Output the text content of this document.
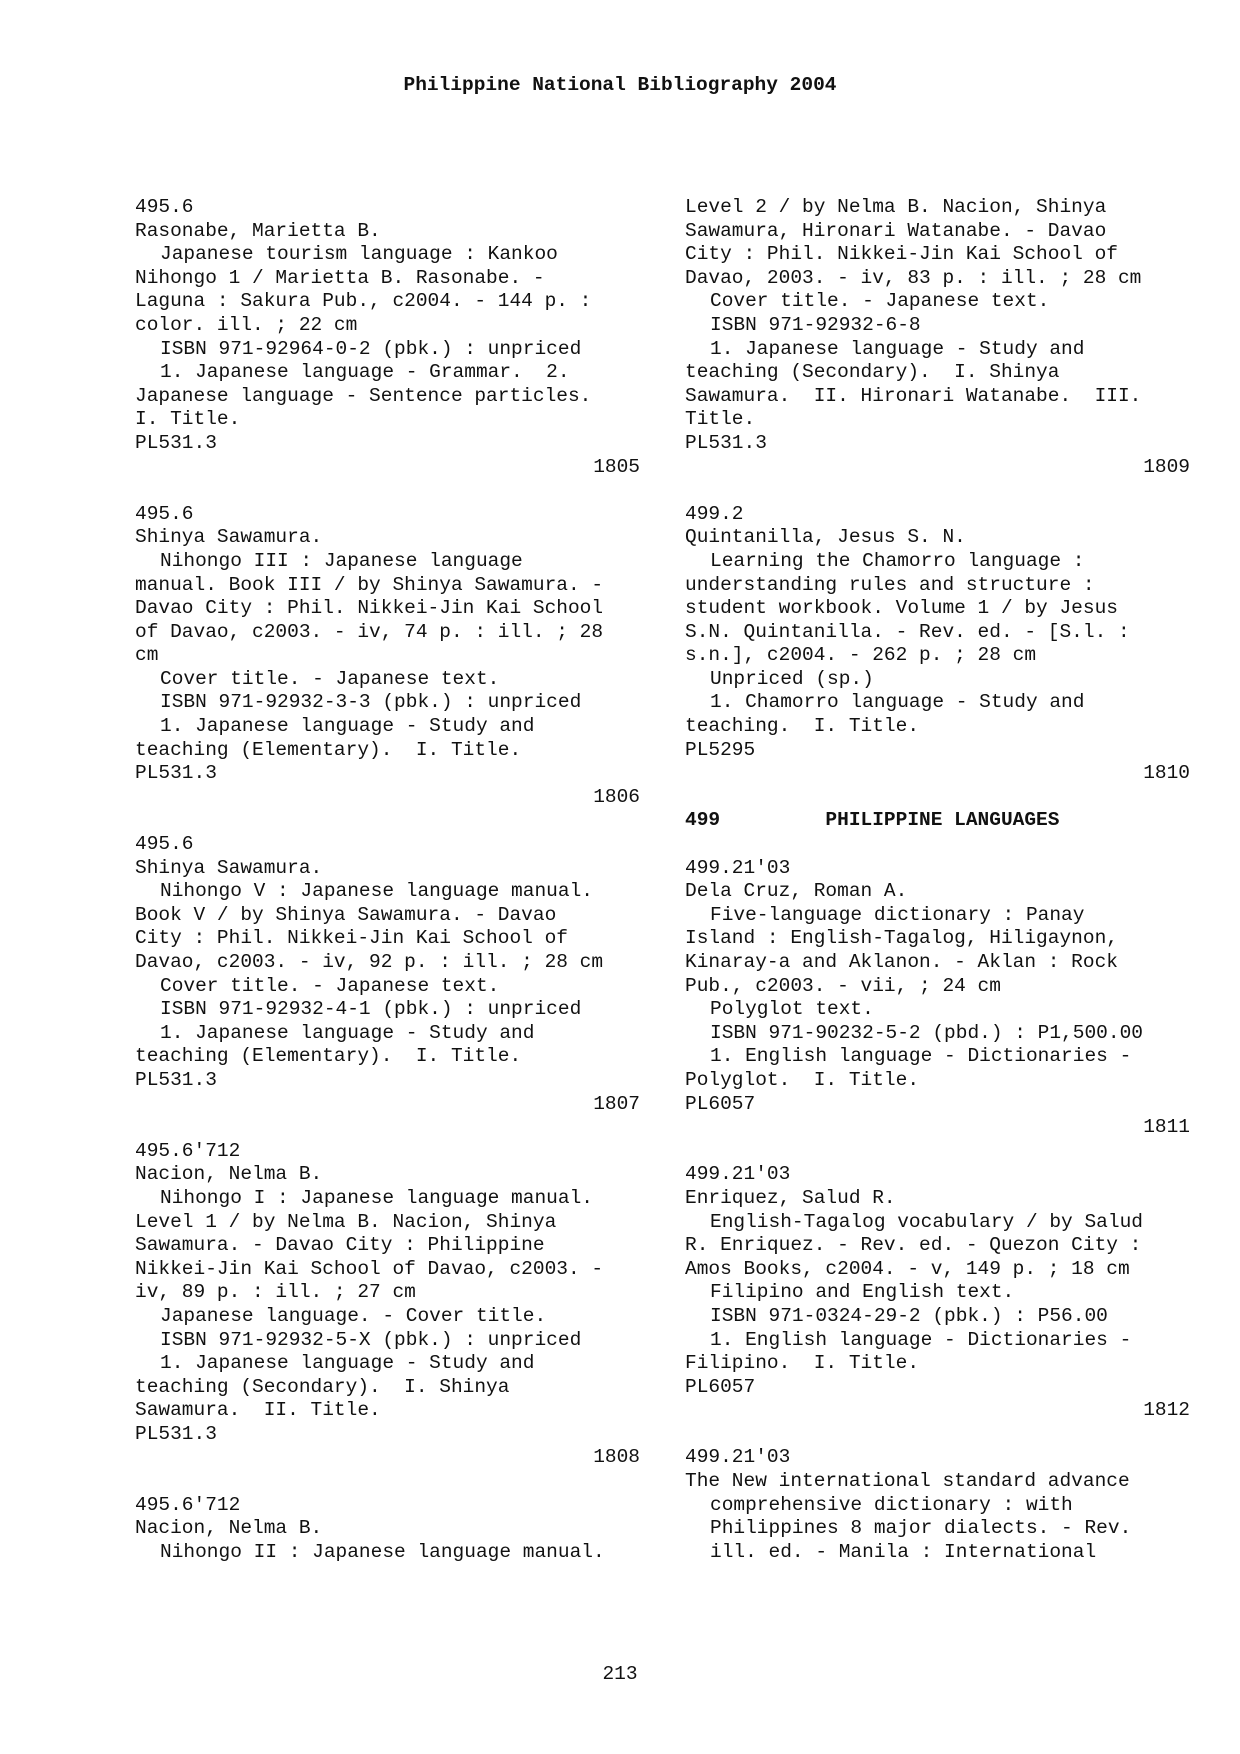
Philippine National Bibliography 2004
495.6
Rasonabe, Marietta B.
Japanese tourism language : Kankoo
Nihongo 1 / Marietta B. Rasonabe. -
Laguna : Sakura Pub., c2004. - 144 p. :
color. ill. ; 22 cm
ISBN 971-92964-0-2 (pbk.) : unpriced
1. Japanese language - Grammar.  2.
Japanese language - Sentence particles.
I. Title.
PL531.3
1805
495.6
Shinya Sawamura.
Nihongo III : Japanese language
manual. Book III / by Shinya Sawamura. -
Davao City : Phil. Nikkei-Jin Kai School
of Davao, c2003. - iv, 74 p. : ill. ; 28
cm
Cover title. - Japanese text.
ISBN 971-92932-3-3 (pbk.) : unpriced
1. Japanese language - Study and
teaching (Elementary).  I. Title.
PL531.3
1806
495.6
Shinya Sawamura.
Nihongo V : Japanese language manual.
Book V / by Shinya Sawamura. - Davao
City : Phil. Nikkei-Jin Kai School of
Davao, c2003. - iv, 92 p. : ill. ; 28 cm
Cover title. - Japanese text.
ISBN 971-92932-4-1 (pbk.) : unpriced
1. Japanese language - Study and
teaching (Elementary).  I. Title.
PL531.3
1807
495.6'712
Nacion, Nelma B.
Nihongo I : Japanese language manual.
Level 1 / by Nelma B. Nacion, Shinya
Sawamura. - Davao City : Philippine
Nikkei-Jin Kai School of Davao, c2003. -
iv, 89 p. : ill. ; 27 cm
Japanese language. - Cover title.
ISBN 971-92932-5-X (pbk.) : unpriced
1. Japanese language - Study and
teaching (Secondary).  I. Shinya
Sawamura.  II. Title.
PL531.3
1808
495.6'712
Nacion, Nelma B.
Nihongo II : Japanese language manual.
Level 2 / by Nelma B. Nacion, Shinya
Sawamura, Hironari Watanabe. - Davao
City : Phil. Nikkei-Jin Kai School of
Davao, 2003. - iv, 83 p. : ill. ; 28 cm
Cover title. - Japanese text.
ISBN 971-92932-6-8
1. Japanese language - Study and
teaching (Secondary).  I. Shinya
Sawamura.  II. Hironari Watanabe.  III.
Title.
PL531.3
1809
499.2
Quintanilla, Jesus S. N.
Learning the Chamorro language :
understanding rules and structure :
student workbook. Volume 1 / by Jesus
S.N. Quintanilla. - Rev. ed. - [S.l. :
s.n.], c2004. - 262 p. ; 28 cm
Unpriced (sp.)
1. Chamorro language - Study and
teaching.  I. Title.
PL5295
1810
499         PHILIPPINE LANGUAGES
499.21'03
Dela Cruz, Roman A.
Five-language dictionary : Panay
Island : English-Tagalog, Hiligaynon,
Kinaray-a and Aklanon. - Aklan : Rock
Pub., c2003. - vii, ; 24 cm
Polyglot text.
ISBN 971-90232-5-2 (pbd.) : P1,500.00
1. English language - Dictionaries -
Polyglot.  I. Title.
PL6057
1811
499.21'03
Enriquez, Salud R.
English-Tagalog vocabulary / by Salud
R. Enriquez. - Rev. ed. - Quezon City :
Amos Books, c2004. - v, 149 p. ; 18 cm
Filipino and English text.
ISBN 971-0324-29-2 (pbk.) : P56.00
1. English language - Dictionaries -
Filipino.  I. Title.
PL6057
1812
499.21'03
The New international standard advance
comprehensive dictionary : with
Philippines 8 major dialects. - Rev.
ill. ed. - Manila : International
213
